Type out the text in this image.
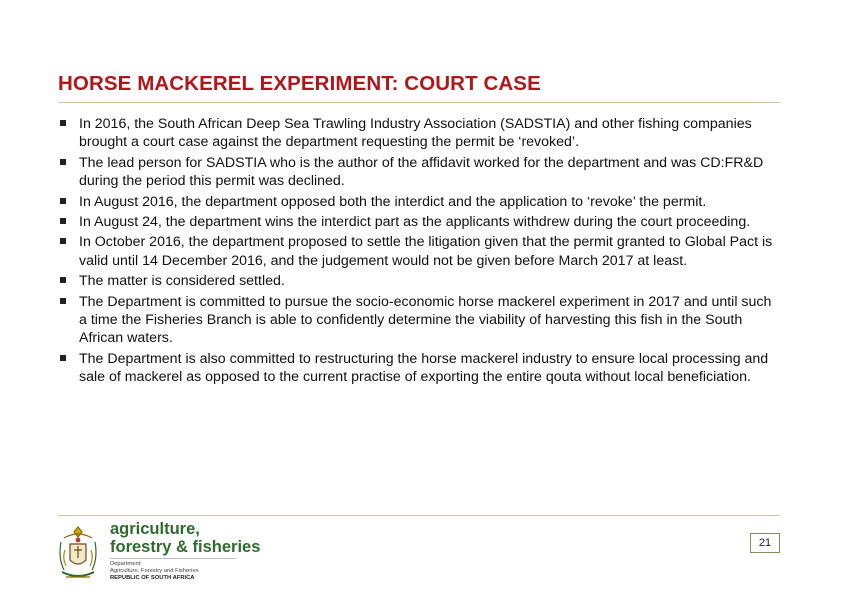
HORSE MACKEREL EXPERIMENT: COURT CASE
In 2016, the South African Deep Sea Trawling Industry Association (SADSTIA) and other fishing companies brought a court case against the department requesting the permit be ‘revoked’.
The lead person for SADSTIA who is the author of the affidavit worked for the department and was CD:FR&D during the period this permit was declined.
In August 2016, the department opposed both the interdict and the application to ‘revoke’ the permit.
In August 24, the department wins the interdict part as the applicants withdrew during the court proceeding.
In October 2016, the department proposed to settle the litigation given that the permit granted to Global Pact is valid until 14 December 2016, and the judgement would not be given before March 2017 at least.
The matter is considered settled.
The Department is committed to pursue the socio-economic horse mackerel experiment in 2017 and until such a time the Fisheries Branch is able to confidently determine the viability of harvesting this fish in the South African waters.
The Department is also committed to restructuring the horse mackerel industry to ensure local processing and sale of mackerel as opposed to the current practise of exporting the entire qouta without local beneficiation.
agriculture,
forestry & fisheries
Department:
Agriculture, Forestry and Fisheries
REPUBLIC OF SOUTH AFRICA
21
